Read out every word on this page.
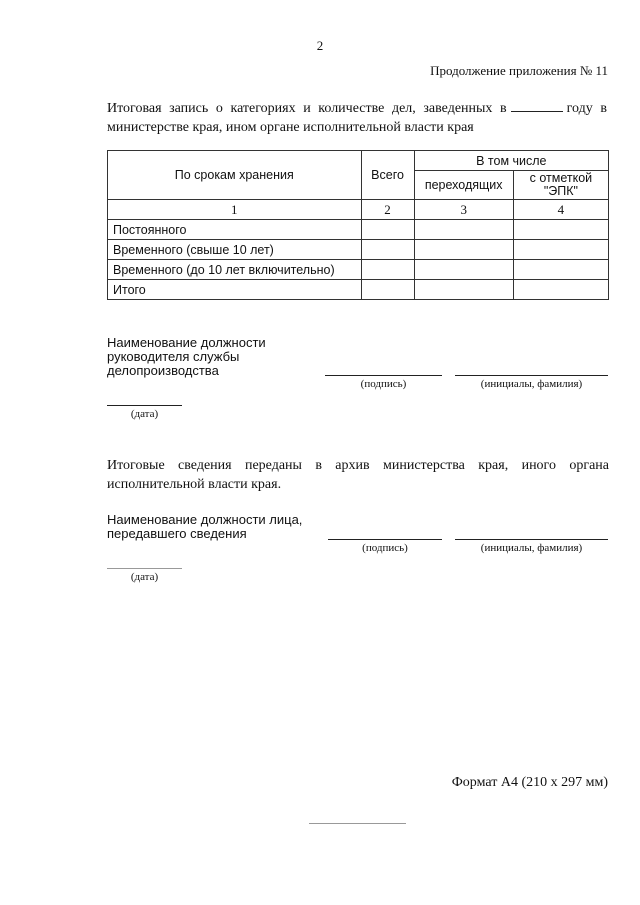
2
Продолжение приложения № 11
Итоговая запись о категориях и количестве дел, заведенных в	году в министерстве края, ином органе исполнительной власти края
По срокам хранения	Всего	В том числе	
		переходящих	с отметкой "ЭПК"
1	2	3	4
Постоянного			
Временного (свыше 10 лет)			
Временного (до 10 лет включительно)			
Итого			
Наименование должности
руководителя службы
делопроизводства
(подпись)	(инициалы, фамилия)
(дата)
Итоговые сведения переданы в архив министерства края, иного органа исполнительной власти края.
Наименование должности лица,
передавшего сведения
(подпись)	(инициалы, фамилия)
(дата)
Формат А4 (210 х 297 мм)
